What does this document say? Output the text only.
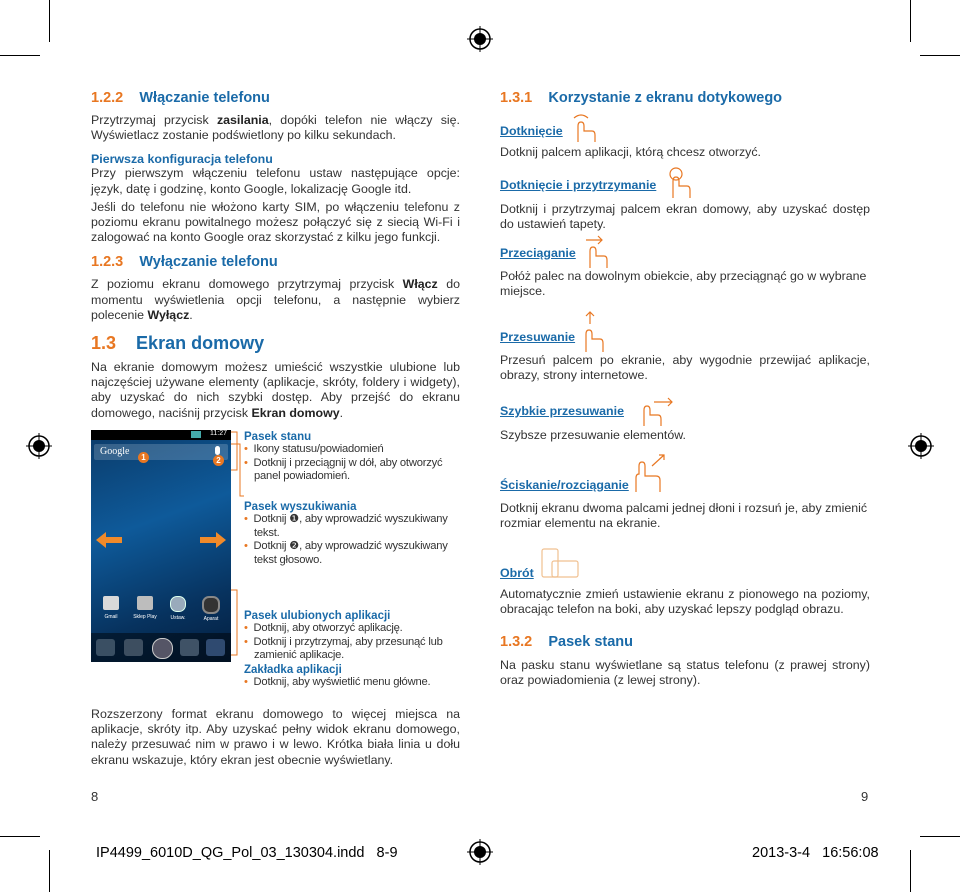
1.2.2 Włączanie telefonu

Przytrzymaj przycisk zasilania, dopóki telefon nie włączy się. Wyświetlacz zostanie podświetlony po kilku sekundach.

Pierwsza konfiguracja telefonu

Przy pierwszym włączeniu telefonu ustaw następujące opcje: język, datę i godzinę, konto Google, lokalizację Google itd.

Jeśli do telefonu nie włożono karty SIM, po włączeniu telefonu z poziomu ekranu powitalnego możesz połączyć się z siecią Wi-Fi i zalogować na konto Google oraz skorzystać z kilku jego funkcji.

1.2.3 Wyłączanie telefonu

Z poziomu ekranu domowego przytrzymaj przycisk Włącz do momentu wyświetlenia opcji telefonu, a następnie wybierz polecenie Wyłącz.

1.3 Ekran domowy

Na ekranie domowym możesz umieścić wszystkie ulubione lub najczęściej używane elementy (aplikacje, skróty, foldery i widgety), aby uzyskać do nich szybki dostęp. Aby przejść do ekranu domowego, naciśnij przycisk Ekran domowy.

11:27
Google
1	2
Gmail	Sklep Play	Ustaw.	Aparat
Pasek stanu
• Ikony statusu/powiadomień
• Dotknij i przeciągnij w dół, aby otworzyć panel powiadomień.
Pasek wyszukiwania
• Dotknij ❶, aby wprowadzić wyszukiwany tekst.
• Dotknij ❷, aby wprowadzić wyszukiwany tekst głosowo.
Pasek ulubionych aplikacji
• Dotknij, aby otworzyć aplikację.
• Dotknij i przytrzymaj, aby przesunąć lub zamienić aplikacje.
Zakładka aplikacji
• Dotknij, aby wyświetlić menu główne.

Rozszerzony format ekranu domowego to więcej miejsca na aplikacje, skróty itp. Aby uzyskać pełny widok ekranu domowego, należy przesuwać nim w prawo i w lewo. Krótka biała linia u dołu ekranu wskazuje, który ekran jest obecnie wyświetlany.

8
1.3.1 Korzystanie z ekranu dotykowego
Dotknięcie

Dotknij palcem aplikacji, którą chcesz otworzyć.

Dotknięcie i przytrzymanie

Dotknij i przytrzymaj palcem ekran domowy, aby uzyskać dostęp do ustawień tapety.

Przeciąganie

Połóż palec na dowolnym obiekcie, aby przeciągnąć go w wybrane miejsce.

Przesuwanie

Przesuń palcem po ekranie, aby wygodnie przewijać aplikacje, obrazy, strony internetowe.

Szybkie przesuwanie

Szybsze przesuwanie elementów.

Ściskanie/rozciąganie

Dotknij ekranu dwoma palcami jednej dłoni i rozsuń je, aby zmienić rozmiar elementu na ekranie.

Obrót

Automatycznie zmień ustawienie ekranu z pionowego na poziomy, obracając telefon na boki, aby uzyskać lepszy podgląd obrazu.

1.3.2 Pasek stanu

Na pasku stanu wyświetlane są status telefonu (z prawej strony) oraz powiadomienia (z lewej strony).

9
IP4499_6010D_QG_Pol_03_130304.indd   8-9	2013-3-4   16:56:08
